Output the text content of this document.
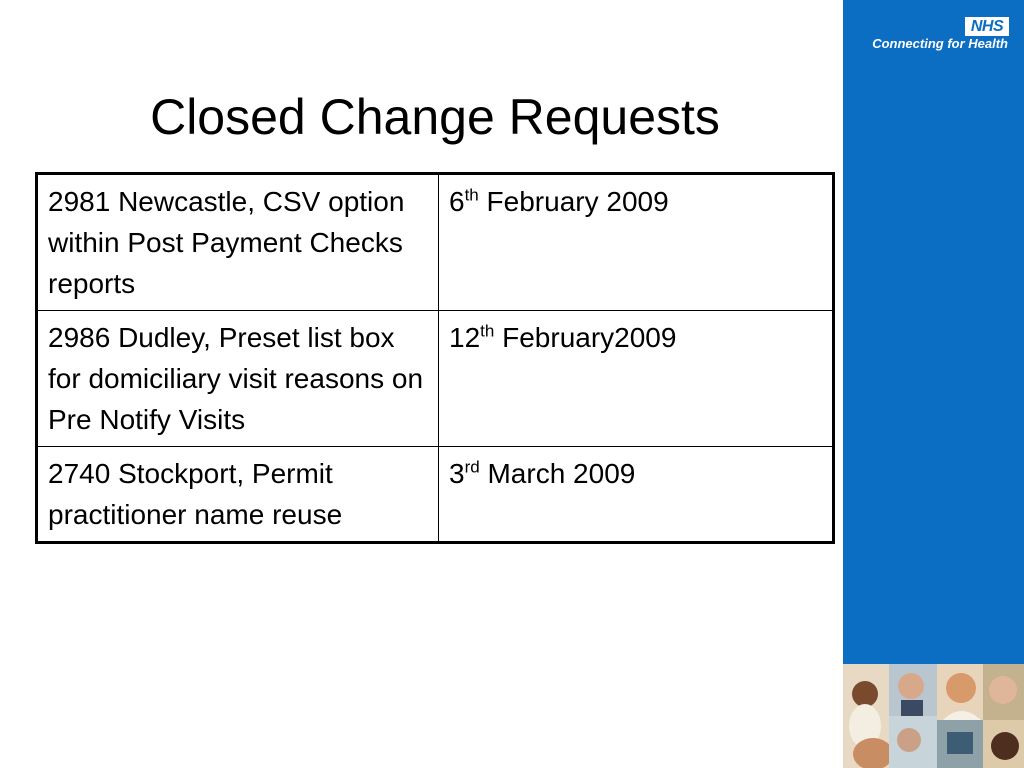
NHS
Connecting for Health
Closed Change Requests
2981 Newcastle, CSV option within Post Payment Checks reports	6th February 2009
2986 Dudley, Preset list box for domiciliary visit reasons on Pre Notify Visits	12th February2009
2740 Stockport, Permit practitioner name reuse	3rd March 2009
